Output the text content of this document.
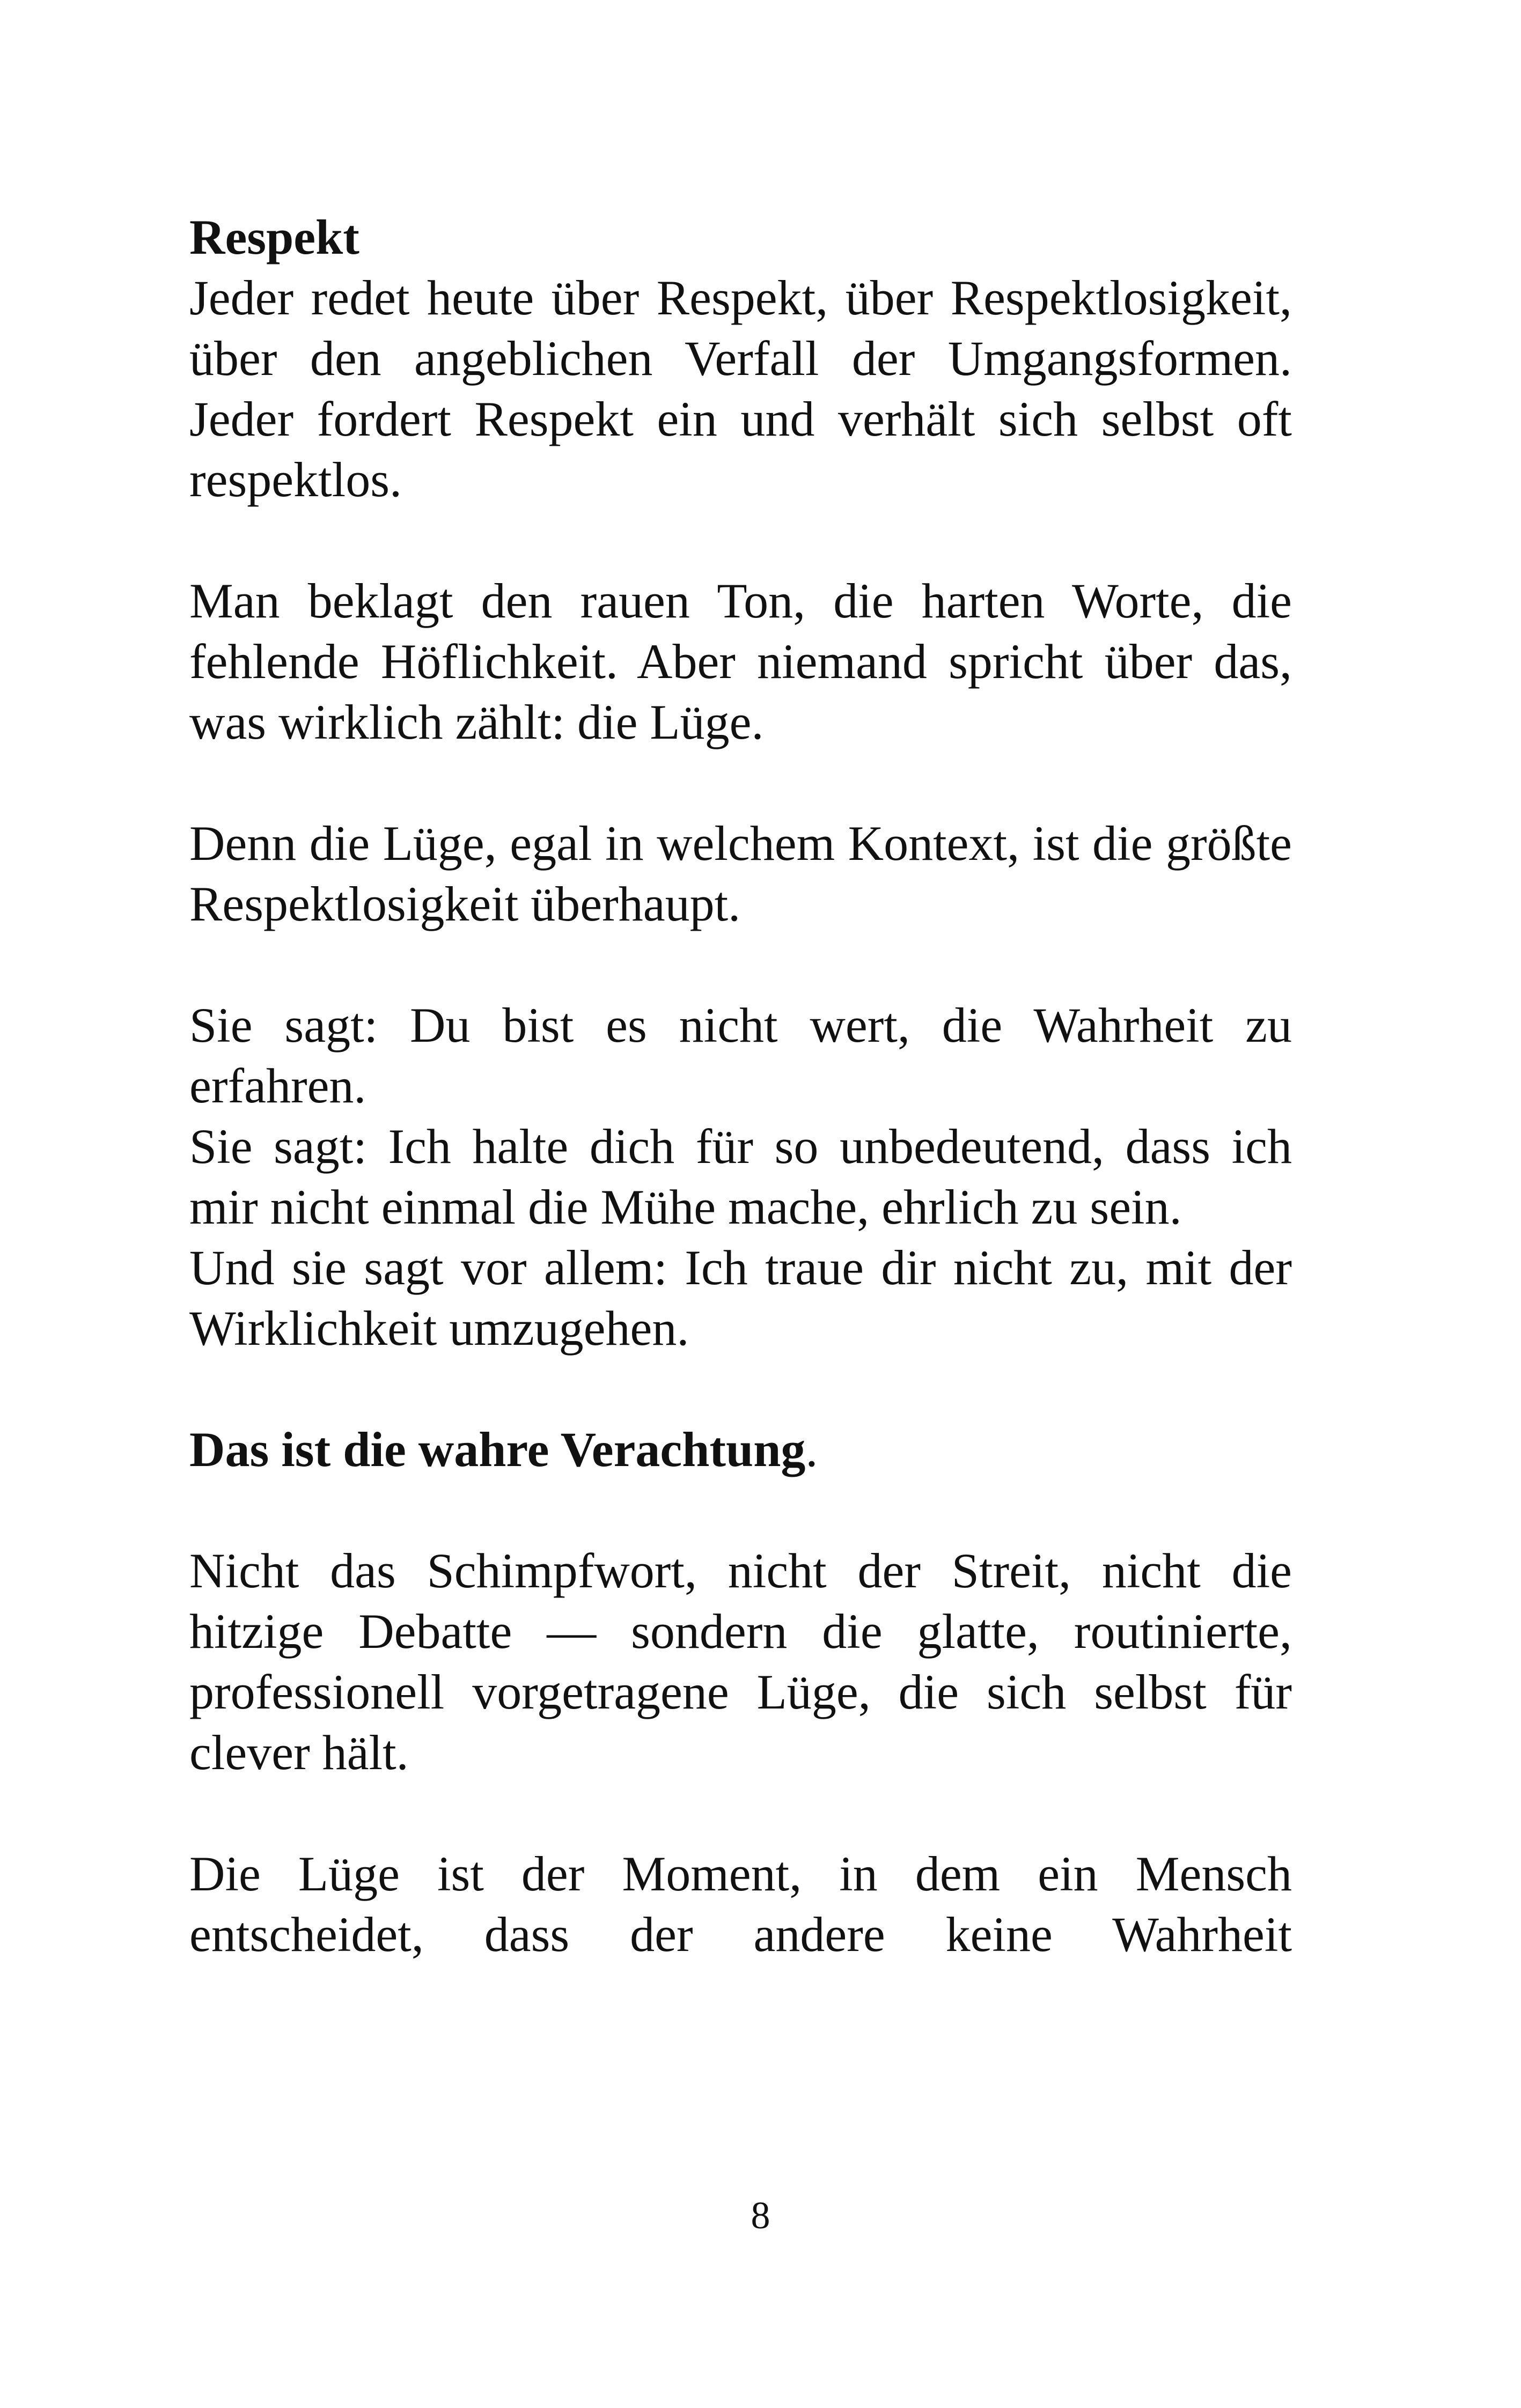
Respekt

Jeder redet heute über Respekt, über Respektlosigkeit, über den angeblichen Verfall der Umgangsformen. Jeder fordert Respekt ein und verhält sich selbst oft respektlos.

Man beklagt den rauen Ton, die harten Worte, die fehlende Höflichkeit. Aber niemand spricht über das, was wirklich zählt: die Lüge.

Denn die Lüge, egal in welchem Kontext, ist die größte Respektlosigkeit überhaupt.

Sie sagt: Du bist es nicht wert, die Wahrheit zu erfahren.
Sie sagt: Ich halte dich für so unbedeutend, dass ich mir nicht einmal die Mühe mache, ehrlich zu sein.
Und sie sagt vor allem: Ich traue dir nicht zu, mit der Wirklichkeit umzugehen.

Das ist die wahre Verachtung.

Nicht das Schimpfwort, nicht der Streit, nicht die hitzige Debatte — sondern die glatte, routinierte, professionell vorgetragene Lüge, die sich selbst für clever hält.

Die Lüge ist der Moment, in dem ein Mensch entscheidet, dass der andere keine Wahrheit

8
